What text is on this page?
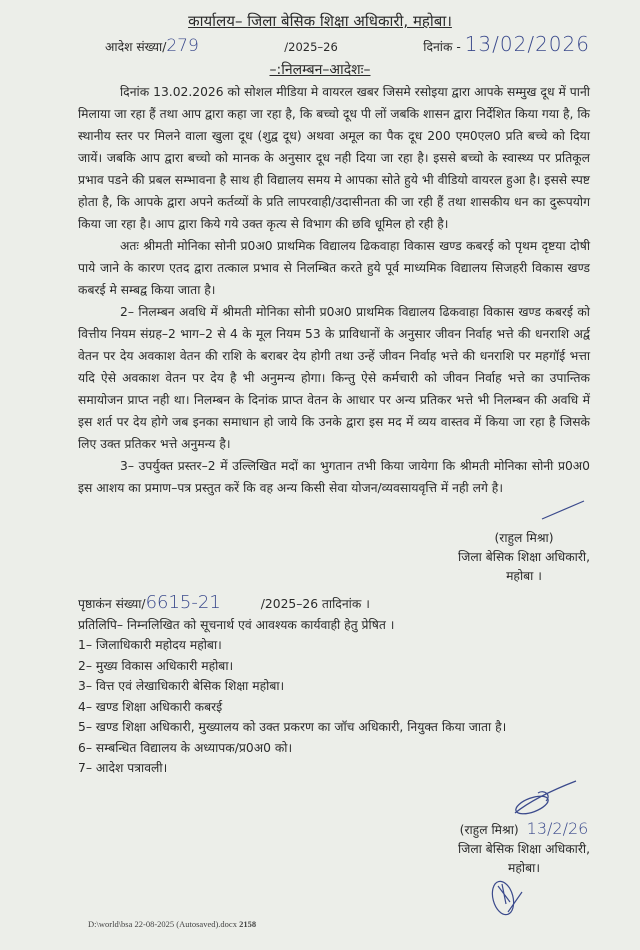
कार्यालय– जिला बेसिक शिक्षा अधिकारी, महोबा।
आदेश संख्या/279	/2025–26	दिनांक - 13/02/2026
–:निलम्बन–आदेशः–
दिनांक 13.02.2026 को सोशल मीडिया मे वायरल खबर जिसमे रसोइया द्वारा आपके सम्मुख दूध में पानी मिलाया जा रहा हैं तथा आप द्वारा कहा जा रहा है, कि बच्चो दूध पी लों जबकि शासन द्वारा निर्देशित किया गया है, कि स्थानीय स्तर पर मिलने वाला खुला दूध (शुद्व दूध) अथवा अमूल का पैक दूध 200 एम0एल0 प्रति बच्चे को दिया जायें। जबकि आप द्वारा बच्चो को मानक के अनुसार दूध नही दिया जा रहा है। इससे बच्चो के स्वास्थ्य पर प्रतिकूल प्रभाव पडने की प्रबल सम्भावना है साथ ही विद्यालय समय मे आपका सोते हुये भी वीडियो वायरल हुआ है। इससे स्पष्ट होता है, कि आपके द्वारा अपने कर्तव्यों के प्रति लापरवाही/उदासीनता की जा रही हैं तथा शासकीय धन का दुरूपयोग किया जा रहा है। आप द्वारा किये गये उक्त कृत्य से विभाग की छवि धूमिल हो रही है।
अतः श्रीमती मोनिका सोनी प्र0अ0 प्राथमिक विद्यालय ढिकवाहा विकास खण्ड कबरई को पृथम दृष्टया दोषी पाये जाने के कारण एतद द्वारा तत्काल प्रभाव से निलम्बित करते हुये पूर्व माध्यमिक विद्यालय सिजहरी विकास खण्ड कबरई मे सम्बद्व किया जाता है।
2– निलम्बन अवधि में श्रीमती मोनिका सोनी प्र0अ0 प्राथमिक विद्यालय ढिकवाहा विकास खण्ड कबरई को वित्तीय नियम संग्रह–2 भाग–2 से 4 के मूल नियम 53 के प्राविधानों के अनुसार जीवन निर्वाह भत्ते की धनराशि अर्द्व वेतन पर देय अवकाश वेतन की राशि के बराबर देय होगी तथा उन्हें जीवन निर्वाह भत्ते की धनराशि पर महगॉई भत्ता यदि ऐसे अवकाश वेतन पर देय है भी अनुमन्य होगा। किन्तु ऐसे कर्मचारी को जीवन निर्वाह भत्ते का उपान्तिक समायोजन प्राप्त नही था। निलम्बन के दिनांक प्राप्त वेतन के आधार पर अन्य प्रतिकर भत्ते भी निलम्बन की अवधि में इस शर्त पर देय होगे जब इनका समाधान हो जाये कि उनके द्वारा इस मद में व्यय वास्तव में किया जा रहा है जिसके लिए उक्त प्रतिकर भत्ते अनुमन्य है।
3– उपर्युक्त प्रस्तर–2 में उल्लिखित मदों का भुगतान तभी किया जायेगा कि श्रीमती मोनिका सोनी प्र0अ0 इस आशय का प्रमाण–पत्र प्रस्तुत करें कि वह अन्य किसी सेवा योजन/व्यवसायवृत्ति में नही लगे है।
(राहुल मिश्रा)
जिला बेसिक शिक्षा अधिकारी,
महोबा ।
पृष्ठाकंन संख्या/6615-21	/2025–26 तादिनांक ।
प्रतिलिपि– निम्नलिखित को सूचनार्थ एवं आवश्यक कार्यवाही हेतु प्रेषित ।
1– जिलाधिकारी महोदय महोबा।
2– मुख्य विकास अधिकारी महोबा।
3– वित्त एवं लेखाधिकारी बेसिक शिक्षा महोबा।
4– खण्ड शिक्षा अधिकारी कबरई
5– खण्ड शिक्षा अधिकारी, मुख्यालय को उक्त प्रकरण का जॉच अधिकारी, नियुक्त किया जाता है।
6– सम्बन्धित विद्यालय के अध्यापक/प्र0अ0 को।
7– आदेश पत्रावली।
(राहुल मिश्रा) 13/2/26
जिला बेसिक शिक्षा अधिकारी,
महोबा।
D:\world\bsa 22-08-2025 (Autosaved).docx 2158
